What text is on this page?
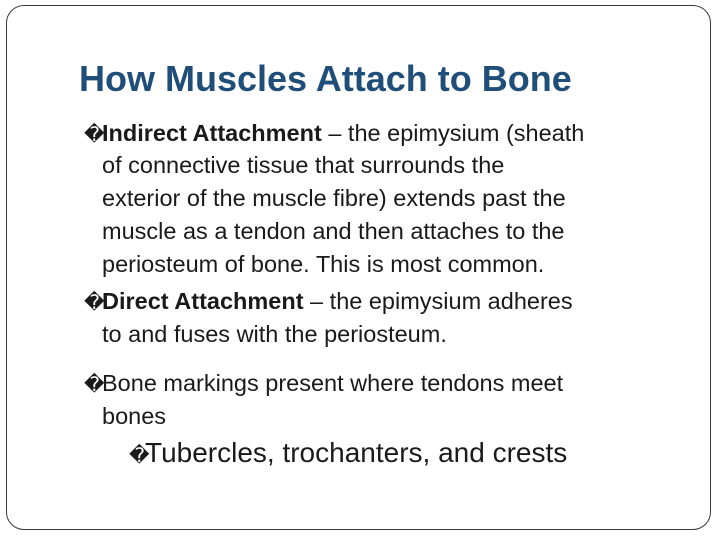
How Muscles Attach to Bone
�Indirect Attachment – the epimysium (sheath
of connective tissue that surrounds the
exterior of the muscle fibre) extends past the
muscle as a tendon and then attaches to the
periosteum of bone. This is most common.
�Direct Attachment – the epimysium adheres
to and fuses with the periosteum.
�Bone markings present where tendons meet
bones
�Tubercles, trochanters, and crests
